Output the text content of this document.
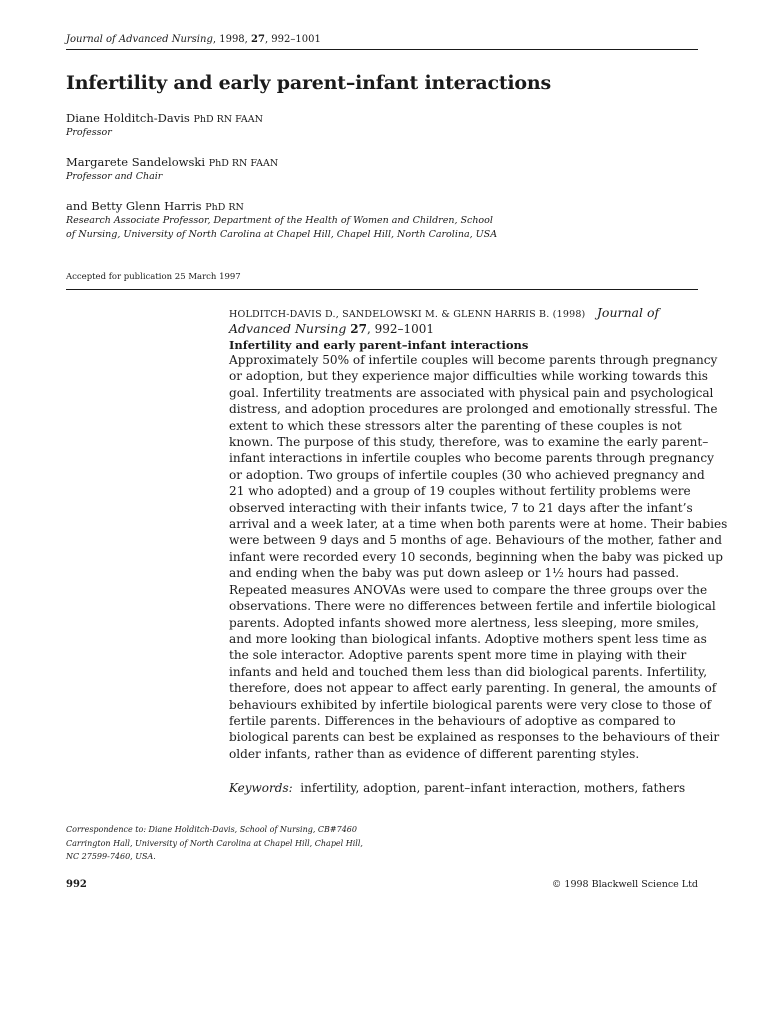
Journal of Advanced Nursing, 1998, 27, 992–1001
Infertility and early parent–infant interactions
Diane Holditch-Davis PhD RN FAAN
Professor
Margarete Sandelowski PhD RN FAAN
Professor and Chair
and Betty Glenn Harris PhD RN
Research Associate Professor, Department of the Health of Women and Children, School
of Nursing, University of North Carolina at Chapel Hill, Chapel Hill, North Carolina, USA
Accepted for publication 25 March 1997
HOLDITCH-DAVIS D., SANDELOWSKI M. & GLENN HARRIS B. (1998) Journal of
Advanced Nursing 27, 992–1001
Infertility and early parent–infant interactions
Approximately 50% of infertile couples will become parents through pregnancy
or adoption, but they experience major difficulties while working towards this
goal. Infertility treatments are associated with physical pain and psychological
distress, and adoption procedures are prolonged and emotionally stressful. The
extent to which these stressors alter the parenting of these couples is not
known. The purpose of this study, therefore, was to examine the early parent–
infant interactions in infertile couples who become parents through pregnancy
or adoption. Two groups of infertile couples (30 who achieved pregnancy and
21 who adopted) and a group of 19 couples without fertility problems were
observed interacting with their infants twice, 7 to 21 days after the infant’s
arrival and a week later, at a time when both parents were at home. Their babies
were between 9 days and 5 months of age. Behaviours of the mother, father and
infant were recorded every 10 seconds, beginning when the baby was picked up
and ending when the baby was put down asleep or 1½ hours had passed.
Repeated measures ANOVAs were used to compare the three groups over the
observations. There were no differences between fertile and infertile biological
parents. Adopted infants showed more alertness, less sleeping, more smiles,
and more looking than biological infants. Adoptive mothers spent less time as
the sole interactor. Adoptive parents spent more time in playing with their
infants and held and touched them less than did biological parents. Infertility,
therefore, does not appear to affect early parenting. In general, the amounts of
behaviours exhibited by infertile biological parents were very close to those of
fertile parents. Differences in the behaviours of adoptive as compared to
biological parents can best be explained as responses to the behaviours of their
older infants, rather than as evidence of different parenting styles.
Keywords: infertility, adoption, parent–infant interaction, mothers, fathers
Correspondence to: Diane Holditch-Davis, School of Nursing, CB#7460
Carrington Hall, University of North Carolina at Chapel Hill, Chapel Hill,
NC 27599-7460, USA.
992	© 1998 Blackwell Science Ltd
